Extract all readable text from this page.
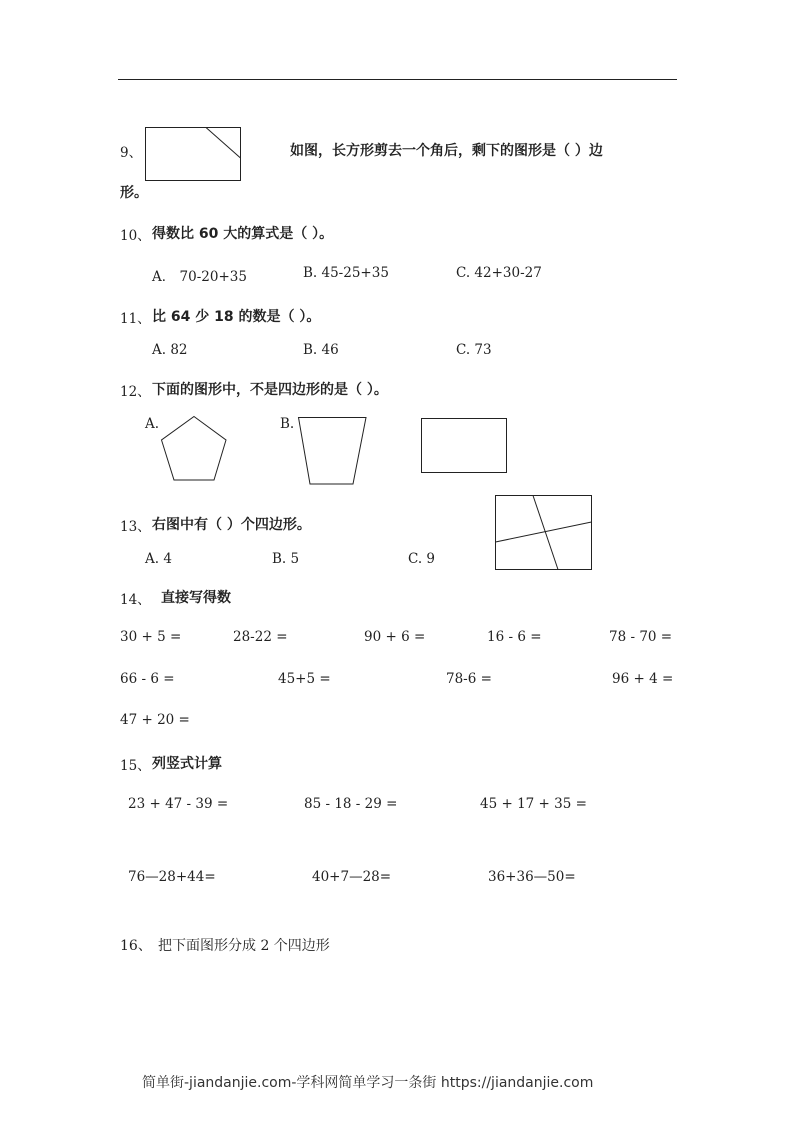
9、	如图，长方形剪去一个角后，剩下的图形是（ ）边
形。
10、 得数比 60 大的算式是（ ）。
A． 70-20+35	B. 45-25+35	C. 42+30-27
11、 比 64 少 18 的数是（ ）。
A. 82	B. 46	C. 73
12、 下面的图形中，不是四边形的是（ ）。
A.	B.
13、 右图中有（ ）个四边形。
A. 4	B. 5	C. 9
14、 直接写得数
30 + 5 =	28-22 =	90 + 6 =	16 - 6 =	78 - 70 =
66 - 6 =	45+5 =	78-6 =	96 + 4 =
47 + 20 =
15、 列竖式计算
23 + 47 - 39 =	85 - 18 - 29 =	45 + 17 + 35 =
76—28+44=	40+7—28=	36+36—50=
16、 把下面图形分成 2 个四边形
简单街-jiandanjie.com-学科网简单学习一条街 https://jiandanjie.com
